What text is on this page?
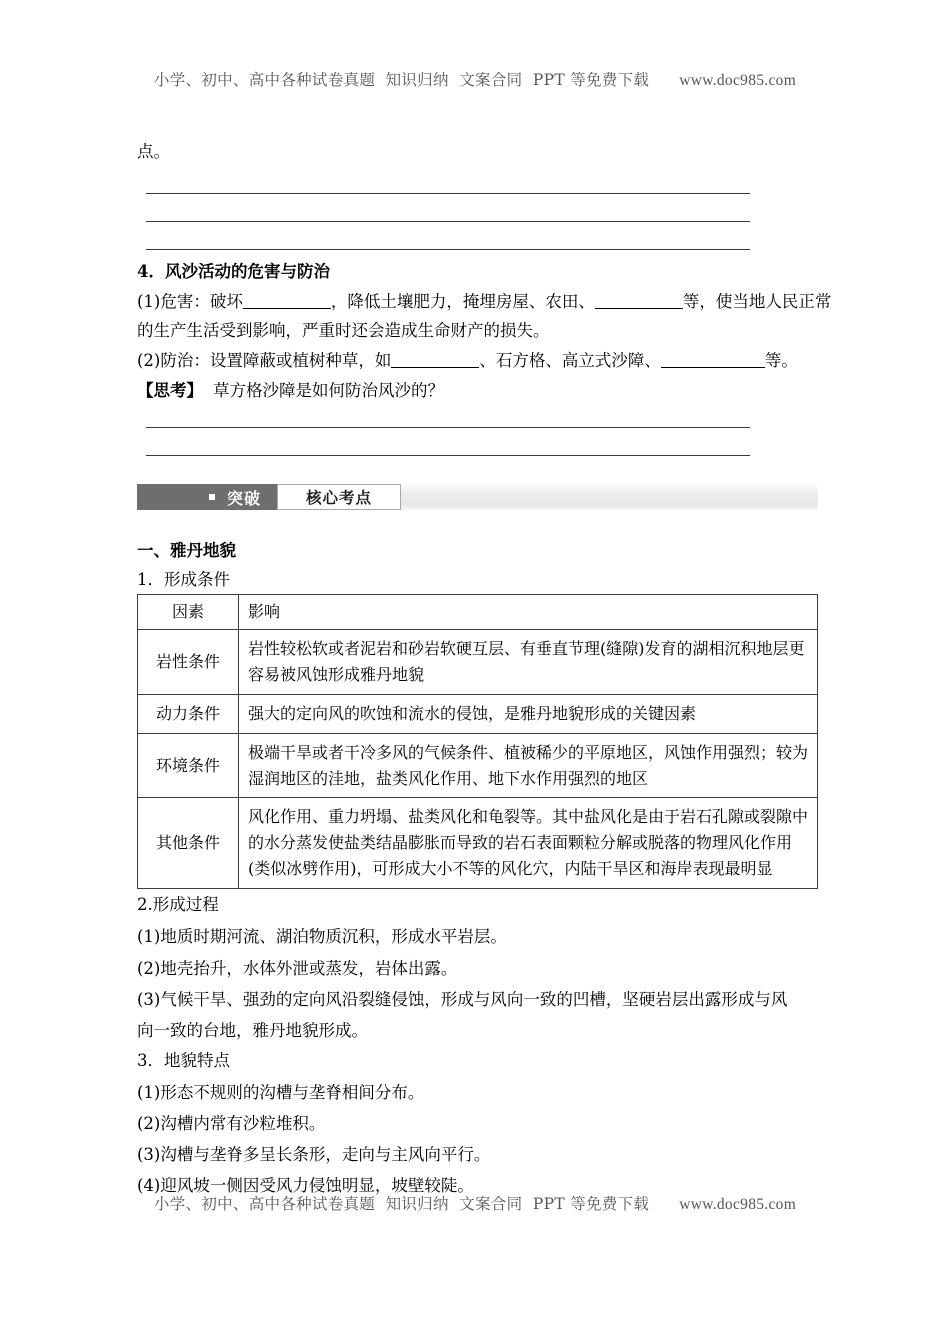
小学、初中、高中各种试卷真题  知识归纳  文案合同  PPT 等免费下载 www.doc985.com
点。
4．风沙活动的危害与防治
(1)危害：破坏	，降低土壤肥力，掩埋房屋、农田、	等，使当地人民正常
的生产生活受到影响，严重时还会造成生命财产的损失。
(2)防治：设置障蔽或植树种草，如	、石方格、高立式沙障、	等。
【思考】 草方格沙障是如何防治风沙的？
突破	核心考点
一、雅丹地貌
1．形成条件
因素	影响
岩性条件	岩性较松软或者泥岩和砂岩软硬互层、有垂直节理(缝隙)发育的湖相沉积地层更容易被风蚀形成雅丹地貌
动力条件	强大的定向风的吹蚀和流水的侵蚀，是雅丹地貌形成的关键因素
环境条件	极端干旱或者干冷多风的气候条件、植被稀少的平原地区，风蚀作用强烈；较为湿润地区的洼地，盐类风化作用、地下水作用强烈的地区
其他条件	风化作用、重力坍塌、盐类风化和龟裂等。其中盐风化是由于岩石孔隙或裂隙中的水分蒸发使盐类结晶膨胀而导致的岩石表面颗粒分解或脱落的物理风化作用(类似冰劈作用)，可形成大小不等的风化穴，内陆干旱区和海岸表现最明显
2.形成过程
(1)地质时期河流、湖泊物质沉积，形成水平岩层。
(2)地壳抬升，水体外泄或蒸发，岩体出露。
(3)气候干旱、强劲的定向风沿裂缝侵蚀，形成与风向一致的凹槽，坚硬岩层出露形成与风
向一致的台地，雅丹地貌形成。
3．地貌特点
(1)形态不规则的沟槽与垄脊相间分布。
(2)沟槽内常有沙粒堆积。
(3)沟槽与垄脊多呈长条形，走向与主风向平行。
(4)迎风坡一侧因受风力侵蚀明显，坡壁较陡。
小学、初中、高中各种试卷真题  知识归纳  文案合同  PPT 等免费下载 www.doc985.com
